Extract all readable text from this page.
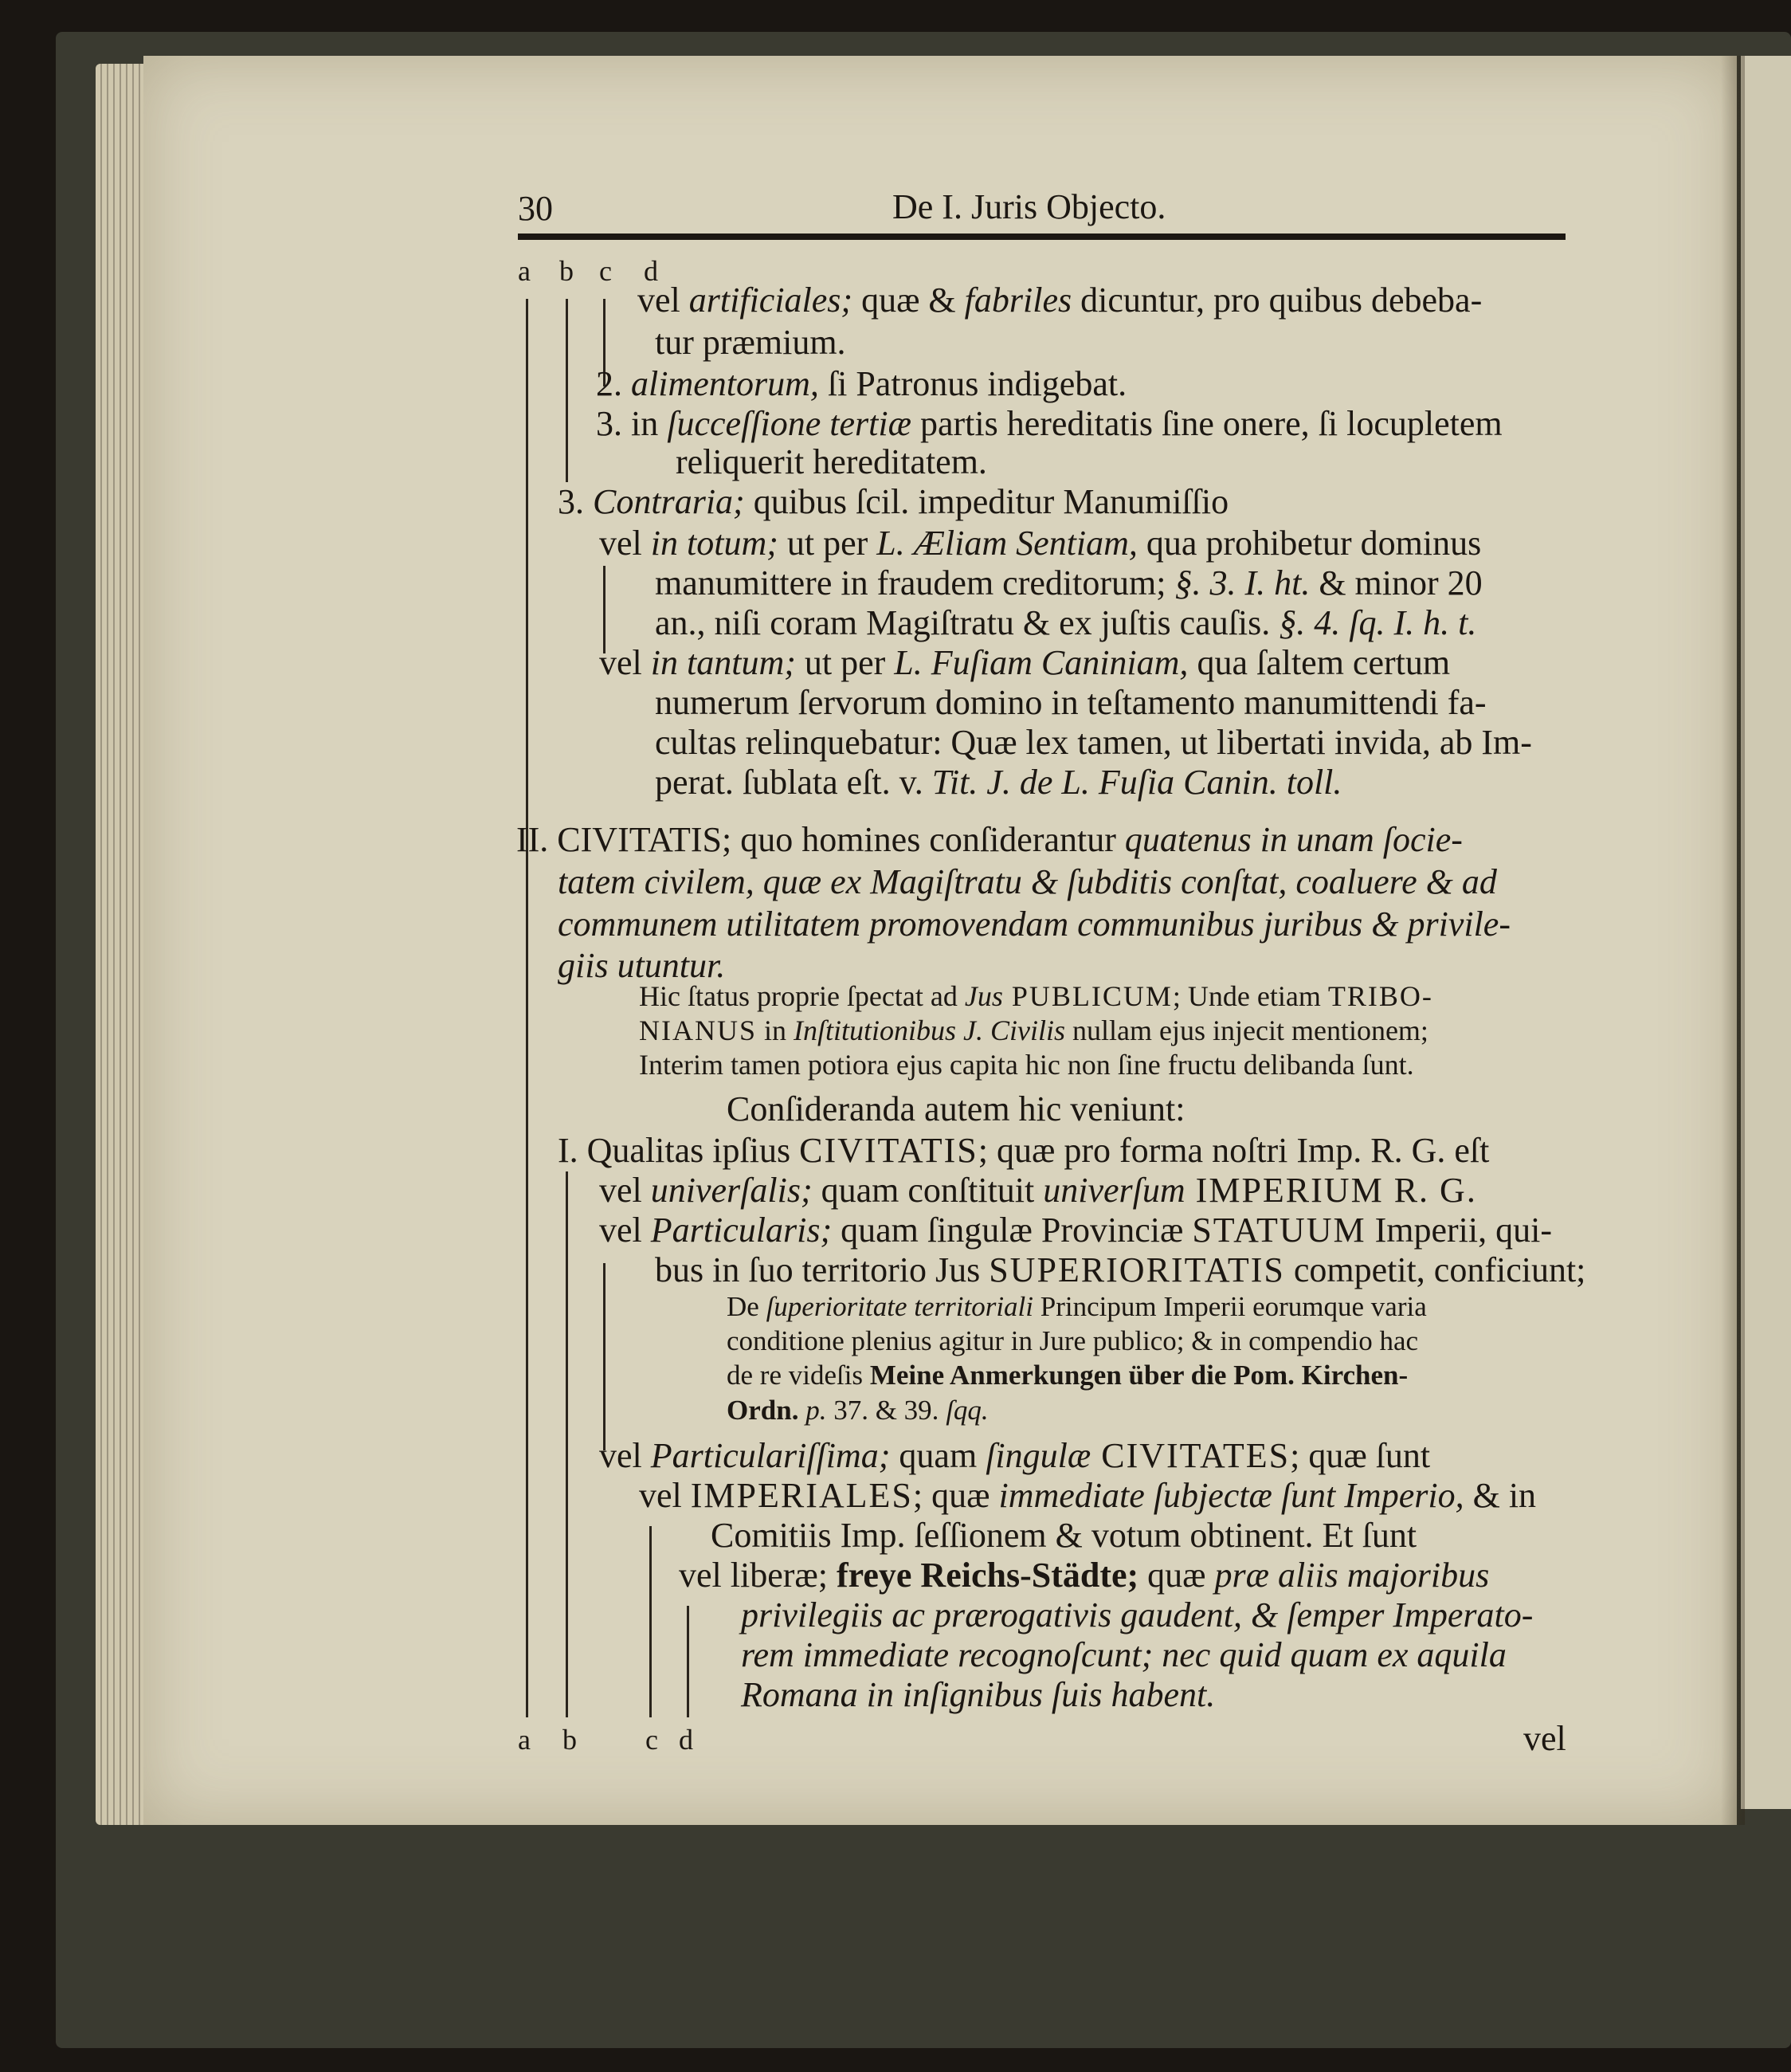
30	De I. Juris Objecto.
a b c d
vel artificiales; quæ & fabriles dicuntur, pro quibus debeba-
tur præmium.
2. alimentorum, ſi Patronus indigebat.
3. in ſucceſſione tertiæ partis hereditatis ſine onere, ſi locupletem
reliquerit hereditatem.
3. Contraria; quibus ſcil. impeditur Manumiſſio
vel in totum; ut per L. Æliam Sentiam, qua prohibetur dominus
manumittere in fraudem creditorum; §. 3. I. ht. & minor 20
an., niſi coram Magiſtratu & ex juſtis cauſis. §. 4. ſq. I. h. t.
vel in tantum; ut per L. Fuſiam Caniniam, qua ſaltem certum
numerum ſervorum domino in teſtamento manumittendi fa-
cultas relinquebatur: Quæ lex tamen, ut libertati invida, ab Im-
perat. ſublata eſt. v. Tit. J. de L. Fuſia Canin. toll.
II. CIVITATIS; quo homines conſiderantur quatenus in unam ſocie-
tatem civilem, quæ ex Magiſtratu & ſubditis conſtat, coaluere & ad
communem utilitatem promovendam communibus juribus & privile-
giis utuntur.
Hic ſtatus proprie ſpectat ad Jus PUBLICUM; Unde etiam TRIBO-
NIANUS in Inſtitutionibus J. Civilis nullam ejus injecit mentionem;
Interim tamen potiora ejus capita hic non ſine fructu delibanda ſunt.
Conſideranda autem hic veniunt:
I. Qualitas ipſius CIVITATIS; quæ pro forma noſtri Imp. R. G. eſt
vel univerſalis; quam conſtituit univerſum IMPERIUM R. G.
vel Particularis; quam ſingulæ Provinciæ STATUUM Imperii, qui-
bus in ſuo territorio Jus SUPERIORITATIS competit, conficiunt;
De ſuperioritate territoriali Principum Imperii eorumque varia
conditione plenius agitur in Jure publico; & in compendio hac
de re videſis Meine Anmerkungen über die Pom. Kirchen-
Ordn. p. 37. & 39. ſqq.
vel Particulariſſima; quam ſingulæ CIVITATES; quæ ſunt
vel IMPERIALES; quæ immediate ſubjectæ ſunt Imperio, & in
Comitiis Imp. ſeſſionem & votum obtinent. Et ſunt
vel liberæ; freye Reichs-Städte; quæ præ aliis majoribus
privilegiis ac prærogativis gaudent, & ſemper Imperato-
rem immediate recognoſcunt; nec quid quam ex aquila
Romana in inſignibus ſuis habent.
a b c d	vel
